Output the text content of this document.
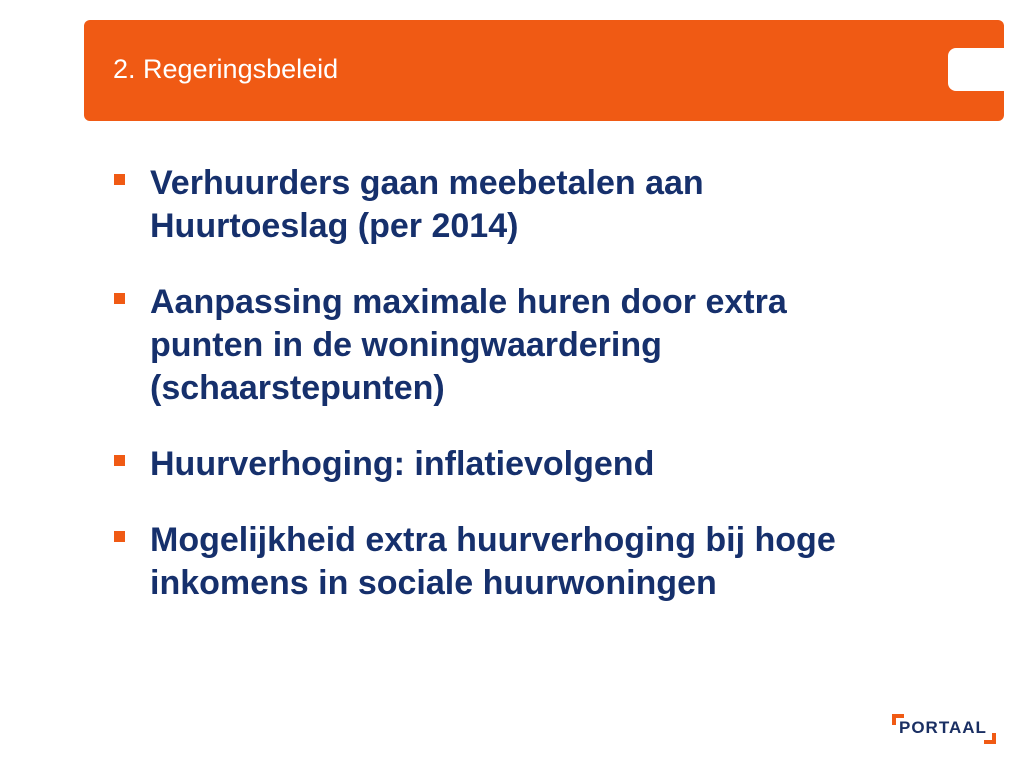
2. Regeringsbeleid
Verhuurders gaan meebetalen aan
Huurtoeslag (per 2014)
Aanpassing maximale huren door extra
punten in de woningwaardering
(schaarstepunten)
Huurverhoging: inflatievolgend
Mogelijkheid extra huurverhoging bij hoge
inkomens in sociale huurwoningen
PORTAAL
